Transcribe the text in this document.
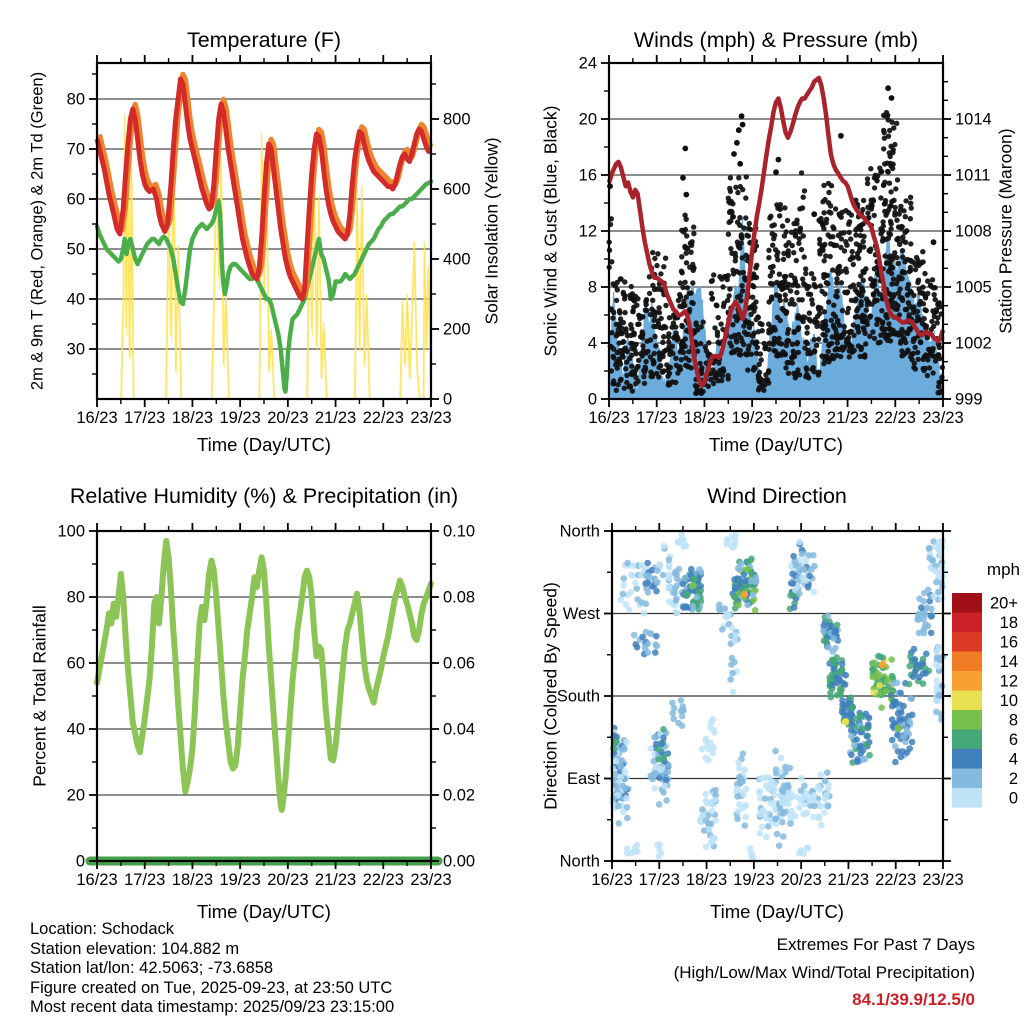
16/23 17/23 18/23 19/23 20/23 21/23 22/23 23/23
30
40
50
60
70
80
0
200
400
600
800
16/23 17/23 18/23 19/23 20/23 21/23 22/23 23/23
0
4
8
12
16
20
24
999
1002
1005
1008
1011
1014
16/23 17/23 18/23 19/23 20/23 21/23 22/23 23/23
0
20
40
60
80
100
0.00
0.02
0.04
0.06
0.08
0.10
16/23 17/23 18/23 19/23 20/23 21/23 22/23 23/23
North
West
South
East
North
20+
18
16
14
12
10
8
6
4
2
0
Temperature (F)	Winds (mph) & Pressure (mb)
Relative Humidity (%) & Precipitation (in)	Wind Direction
Time (Day/UTC)	Time (Day/UTC)
Time (Day/UTC)	Time (Day/UTC)
2m & 9m T (Red, Orange) & 2m Td (Green)	Solar Insolation (Yellow) Sonic Wind & Gust (Blue, Black)	Station Pressure (Maroon)
Percent & Total Rainfall	Direction (Colored By Speed)
mph
Location: Schodack
Station elevation: 104.882 m
Station lat/lon: 42.5063; -73.6858
Figure created on Tue, 2025-09-23, at 23:50 UTC
Most recent data timestamp: 2025/09/23 23:15:00
Extremes For Past 7 Days
(High/Low/Max Wind/Total Precipitation)
84.1/39.9/12.5/0
